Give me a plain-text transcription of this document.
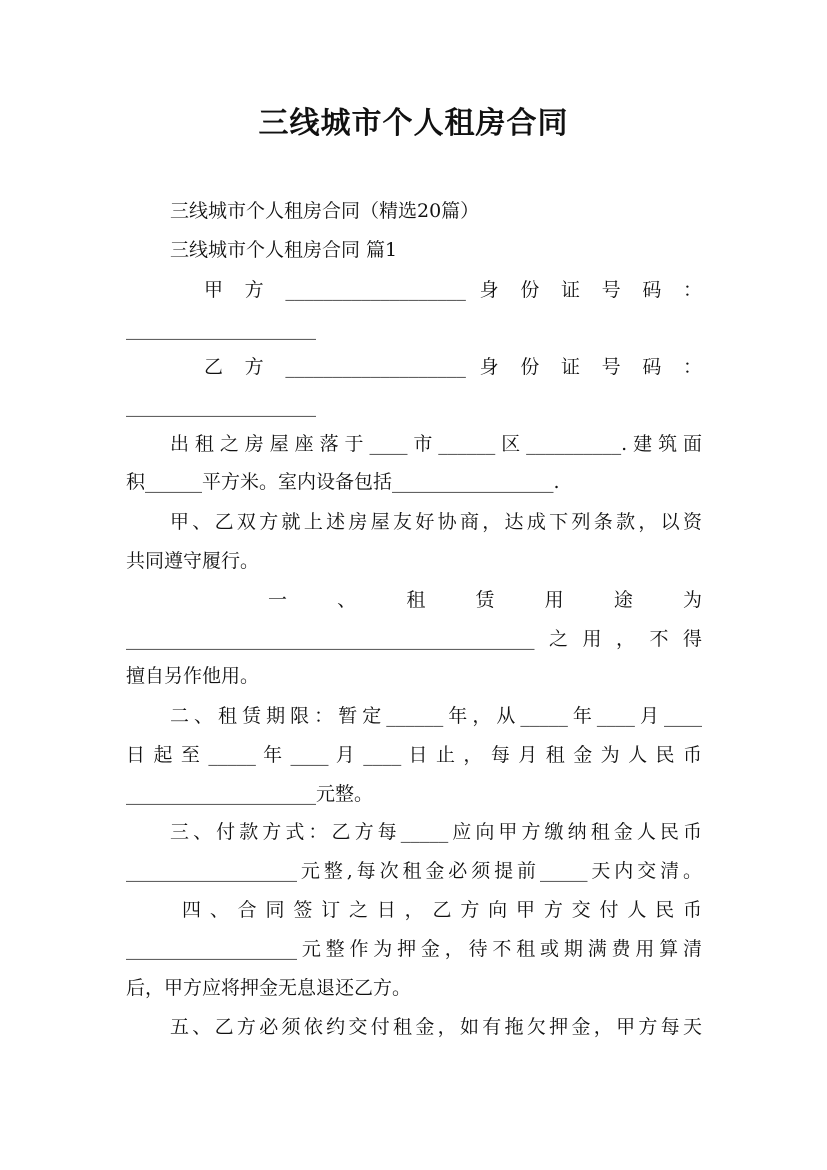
三线城市个人租房合同
三线城市个人租房合同（精选20篇）
三线城市个人租房合同 篇1
甲 方 ___________________ 身 份 证 号 码 ：
____________________
乙 方 ___________________ 身 份 证 号 码 ：
____________________
出租之房屋座落于____市______区__________.建筑面
积______平方米。室内设备包括_________________.
甲、乙双方就上述房屋友好协商，达成下列条款，以资
共同遵守履行。
一 、 租 赁 用 途 为
___________________________________________之用，不得
擅自另作他用。
二、租赁期限：暂定______年，从_____年____月____
日 起 至 _____ 年 ____ 月 ____ 日 止 ， 每 月 租 金 为 人 民 币
____________________元整。
三、付款方式：乙方每_____应向甲方缴纳租金人民币
__________________元整,每次租金必须提前_____天内交清。
四 、 合 同 签 订 之 日 ， 乙 方 向 甲 方 交 付 人 民 币
__________________元整作为押金，待不租或期满费用算清
后，甲方应将押金无息退还乙方。
五、乙方必须依约交付租金，如有拖欠押金，甲方每天
